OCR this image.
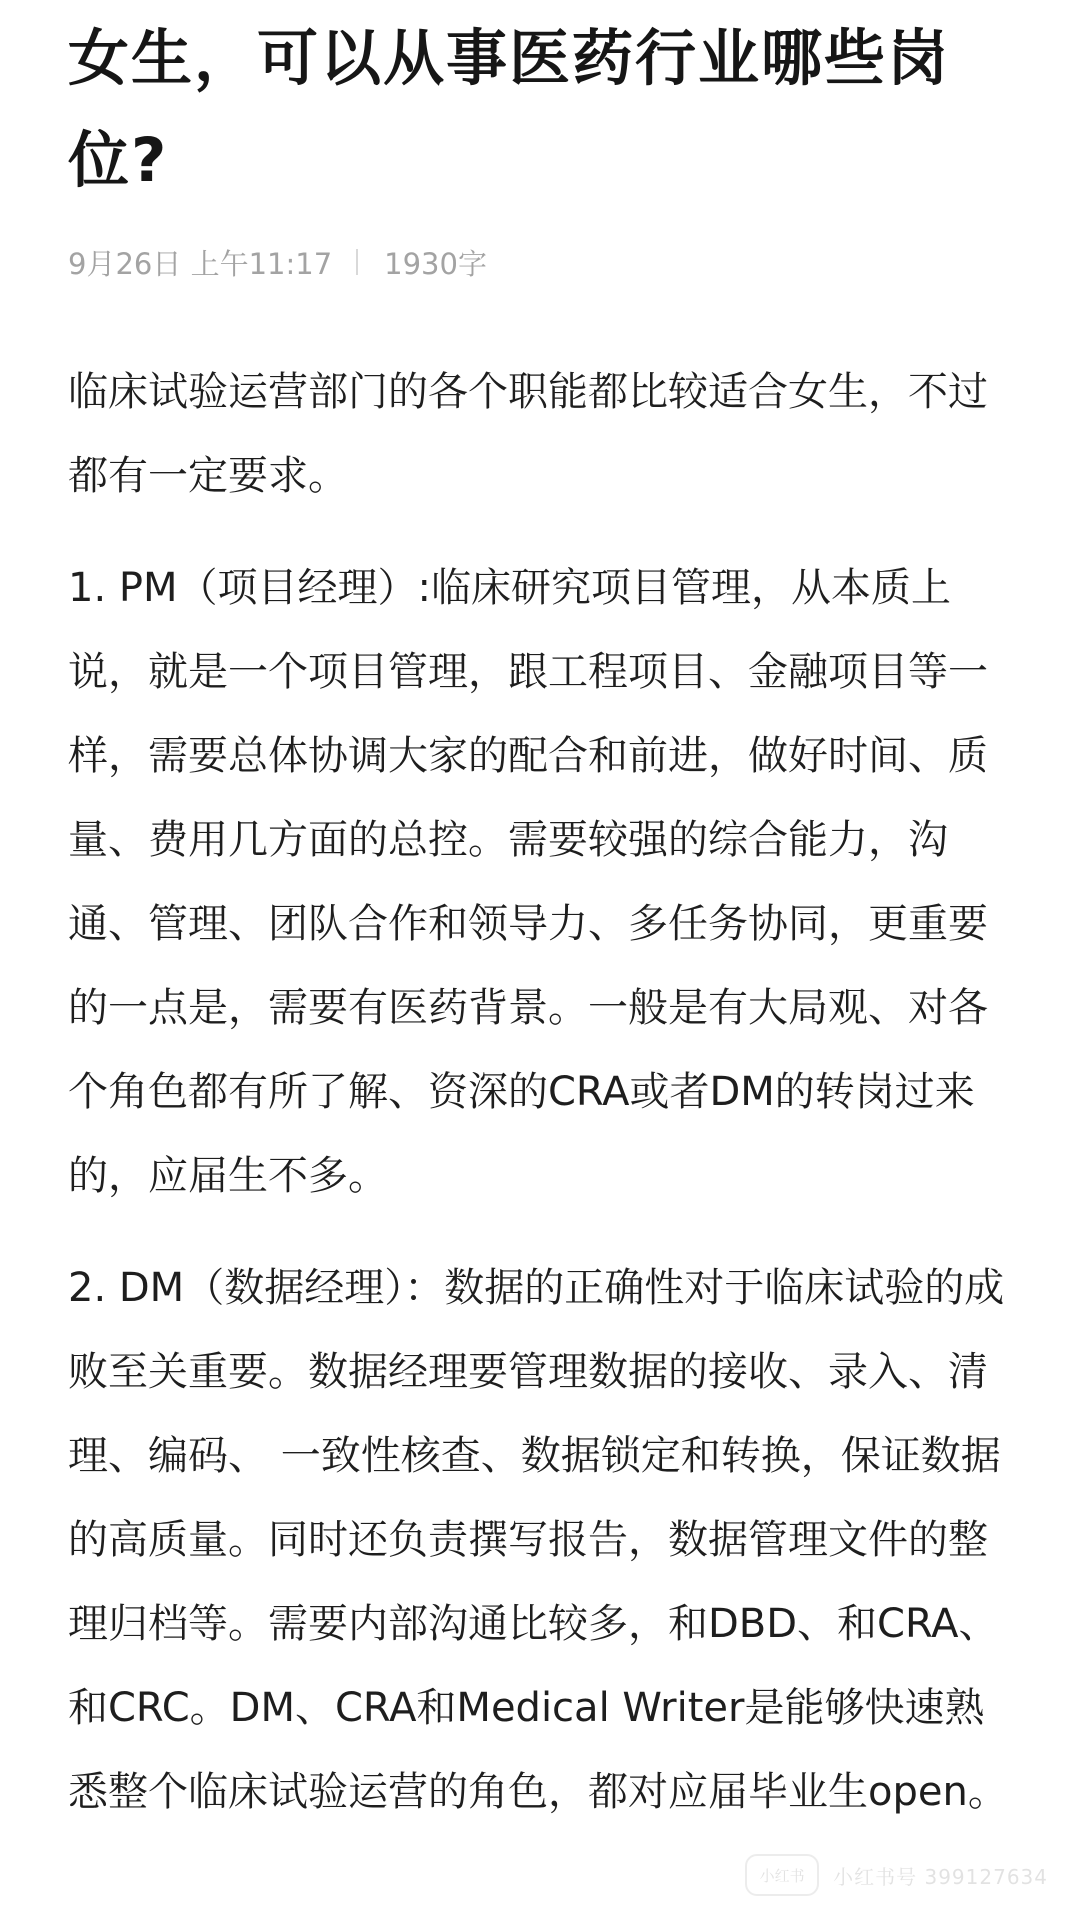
女生，可以从事医药行业哪些岗位?
9月26日 上午11:17 1930字

临床试验运营部门的各个职能都比较适合女生，不过都有一定要求。

1. PM（项目经理）:临床研究项目管理，从本质上说，就是一个项目管理，跟工程项目、金融项目等一样，需要总体协调大家的配合和前进，做好时间、质量、费用几方面的总控。需要较强的综合能力，沟通、管理、团队合作和领导力、多任务协同，更重要的一点是，需要有医药背景。一般是有大局观、对各个角色都有所了解、资深的CRA或者DM的转岗过来的，应届生不多。

2. DM（数据经理）：数据的正确性对于临床试验的成败至关重要。数据经理要管理数据的接收、录入、清理、编码、 一致性核查、数据锁定和转换，保证数据的高质量。同时还负责撰写报告，数据管理文件的整理归档等。需要内部沟通比较多，和DBD、和CRA、和CRC。DM、CRA和Medical Writer是能够快速熟悉整个临床试验运营的角色，都对应届毕业生open。

小红书 小红书号 399127634
